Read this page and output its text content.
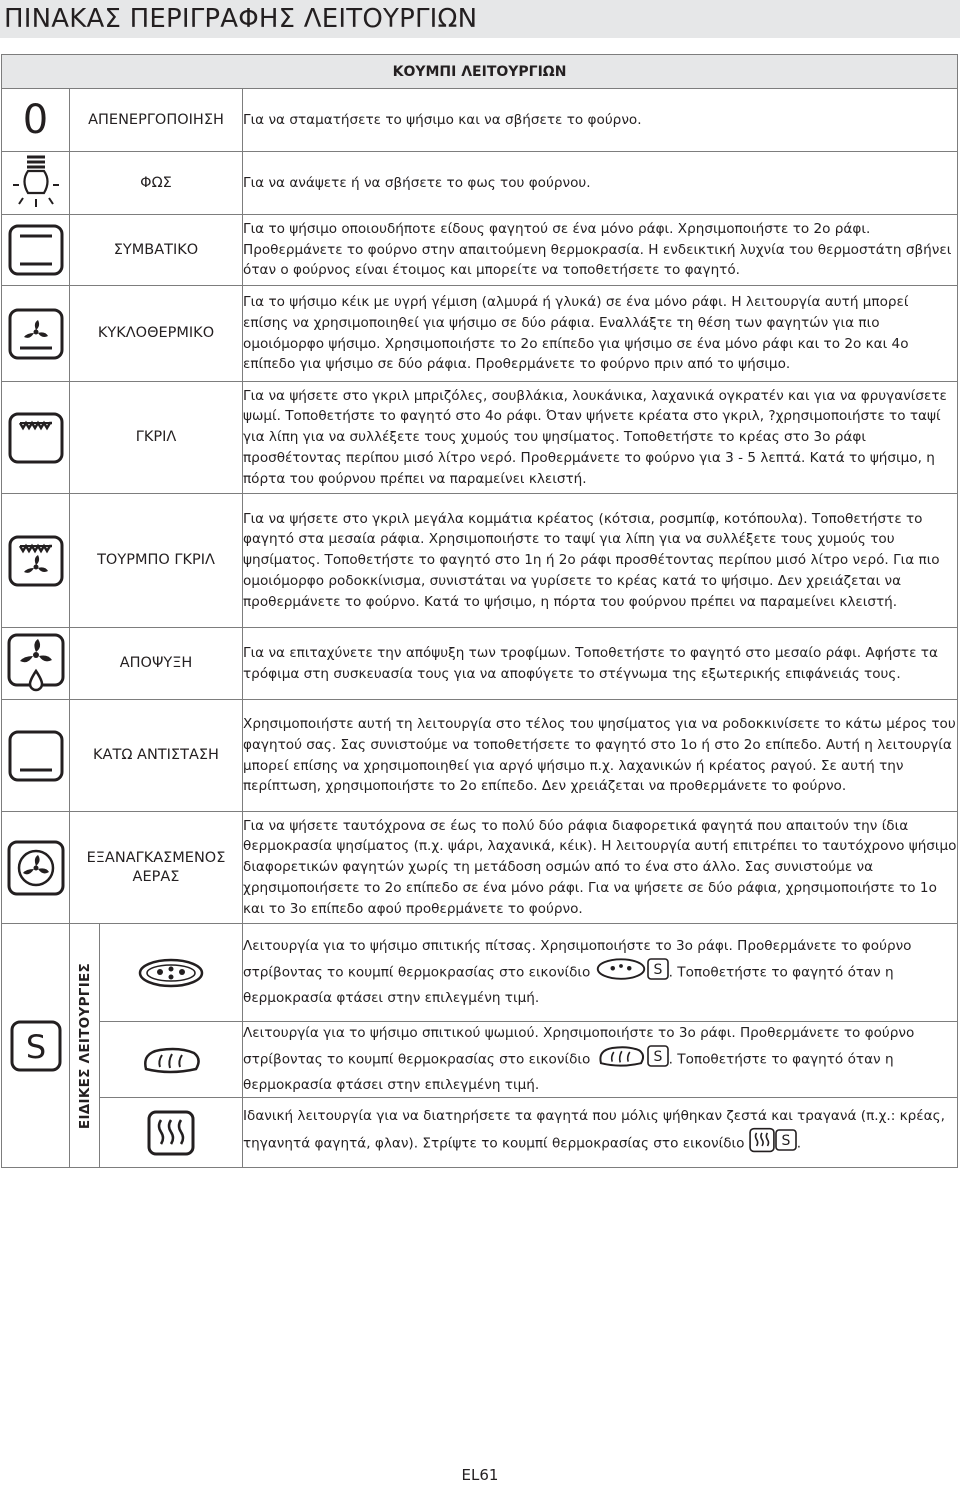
ΠΙΝΑΚΑΣ ΠΕΡΙΓΡΑΦΗΣ ΛΕΙΤΟΥΡΓΙΩΝ
ΚΟΥΜΠΙ ΛΕΙΤΟΥΡΓΙΩΝ			
0	ΑΠΕΝΕΡΓΟΠΟΙΗΣΗ		Για να σταματήσετε το ψήσιμο και να σβήσετε το φούρνο.

	ΦΩΣ		Για να ανάψετε ή να σβήσετε το φως του φούρνου.

	ΣΥΜΒΑΤΙΚΟ		Για το ψήσιμο οποιουδήποτε είδους φαγητού σε ένα μόνο ράφι. Χρησιμοποιήστε το 2ο ράφι. Προθερμάνετε το φούρνο στην απαιτούμενη θερμοκρασία. Η ενδεικτική λυχνία του θερμοστάτη σβήνει όταν ο φούρνος είναι έτοιμος και μπορείτε να τοποθετήσετε το φαγητό.

	ΚΥΚΛΟΘΕΡΜΙΚΟ		Για το ψήσιμο κέικ με υγρή γέμιση (αλμυρά ή γλυκά) σε ένα μόνο ράφι. Η λειτουργία αυτή μπορεί επίσης να χρησιμοποιηθεί για ψήσιμο σε δύο ράφια. Εναλλάξτε τη θέση των φαγητών για πιο ομοιόμορφο ψήσιμο. Χρησιμοποιήστε το 2ο επίπεδο για ψήσιμο σε ένα μόνο ράφι και το 2ο και 4ο επίπεδο για ψήσιμο σε δύο ράφια. Προθερμάνετε το φούρνο πριν από το ψήσιμο.

	ΓΚΡΙΛ		Για να ψήσετε στο γκριλ μπριζόλες, σουβλάκια, λουκάνικα, λαχανικά ογκρατέν και για να φρυγανίσετε ψωμί. Τοποθετήστε το φαγητό στο 4ο ράφι. Όταν ψήνετε κρέατα στο γκριλ, ?χρησιμοποιήστε το ταψί για λίπη για να συλλέξετε τους χυμούς του ψησίματος. Τοποθετήστε το κρέας στο 3ο ράφι προσθέτοντας περίπου μισό λίτρο νερό. Προθερμάνετε το φούρνο για 3 - 5 λεπτά. Κατά το ψήσιμο, η πόρτα του φούρνου πρέπει να παραμείνει κλειστή.

	ΤΟΥΡΜΠΟ ΓΚΡΙΛ		Για να ψήσετε στο γκριλ μεγάλα κομμάτια κρέατος (κότσια, ροσμπίφ, κοτόπουλα). Τοποθετήστε το φαγητό στα μεσαία ράφια. Χρησιμοποιήστε το ταψί για λίπη για να συλλέξετε τους χυμούς του ψησίματος. Τοποθετήστε το φαγητό στο 1η ή 2ο ράφι προσθέτοντας περίπου μισό λίτρο νερό. Για πιο ομοιόμορφο ροδοκκίνισμα, συνιστάται να γυρίσετε το κρέας κατά το ψήσιμο. Δεν χρειάζεται να προθερμάνετε το φούρνο. Κατά το ψήσιμο, η πόρτα του φούρνου πρέπει να παραμείνει κλειστή.

	ΑΠΟΨΥΞΗ		Για να επιταχύνετε την απόψυξη των τροφίμων. Τοποθετήστε το φαγητό στο μεσαίο ράφι. Αφήστε τα τρόφιμα στη συσκευασία τους για να αποφύγετε το στέγνωμα της εξωτερικής επιφάνειάς τους.

	ΚΑΤΩ ΑΝΤΙΣΤΑΣΗ		Χρησιμοποιήστε αυτή τη λειτουργία στο τέλος του ψησίματος για να ροδοκκινίσετε το κάτω μέρος του φαγητού σας. Σας συνιστούμε να τοποθετήσετε το φαγητό στο 1ο ή στο 2ο επίπεδο. Αυτή η λειτουργία μπορεί επίσης να χρησιμοποιηθεί για αργό ψήσιμο π.χ. λαχανικών ή κρέατος ραγού. Σε αυτή την περίπτωση, χρησιμοποιήστε το 2ο επίπεδο. Δεν χρειάζεται να προθερμάνετε το φούρνο.

	ΕΞΑΝΑΓΚΑΣΜΕΝΟΣ ΑΕΡΑΣ		Για να ψήσετε ταυτόχρονα σε έως το πολύ δύο ράφια διαφορετικά φαγητά που απαιτούν την ίδια θερμοκρασία ψησίματος (π.χ. ψάρι, λαχανικά, κέικ). Η λειτουργία αυτή επιτρέπει το ταυτόχρονο ψήσιμο διαφορετικών φαγητών χωρίς τη μετάδοση οσμών από το ένα στο άλλο. Σας συνιστούμε να χρησιμοποιήσετε το 2ο επίπεδο σε ένα μόνο ράφι. Για να ψήσετε σε δύο ράφια, χρησιμοποιήστε το 1ο και το 3ο επίπεδο αφού προθερμάνετε το φούρνο.

S	ΕΙΔΙΚΕΣ ΛΕΙΤΟΥΡΓΙΕΣ		Λειτουργία για το ψήσιμο σπιτικής πίτσας. Χρησιμοποιήστε το 3ο ράφι. Προθερμάνετε το φούρνο στρίβοντας το κουμπί θερμοκρασίας στο εικονίδιο S . Τοποθετήστε το φαγητό όταν η θερμοκρασία φτάσει στην επιλεγμένη τιμή.

Λειτουργία για το ψήσιμο σπιτικού ψωμιού. Χρησιμοποιήστε το 3ο ράφι. Προθερμάνετε το φούρνο στρίβοντας το κουμπί θερμοκρασίας στο εικονίδιο S . Τοποθετήστε το φαγητό όταν η θερμοκρασία φτάσει στην επιλεγμένη τιμή.

Ιδανική λειτουργία για να διατηρήσετε τα φαγητά που μόλις ψήθηκαν ζεστά και τραγανά (π.χ.: κρέας, τηγανητά φαγητά, φλαν). Στρίψτε το κουμπί θερμοκρασίας στο εικονίδιο S .

EL61
